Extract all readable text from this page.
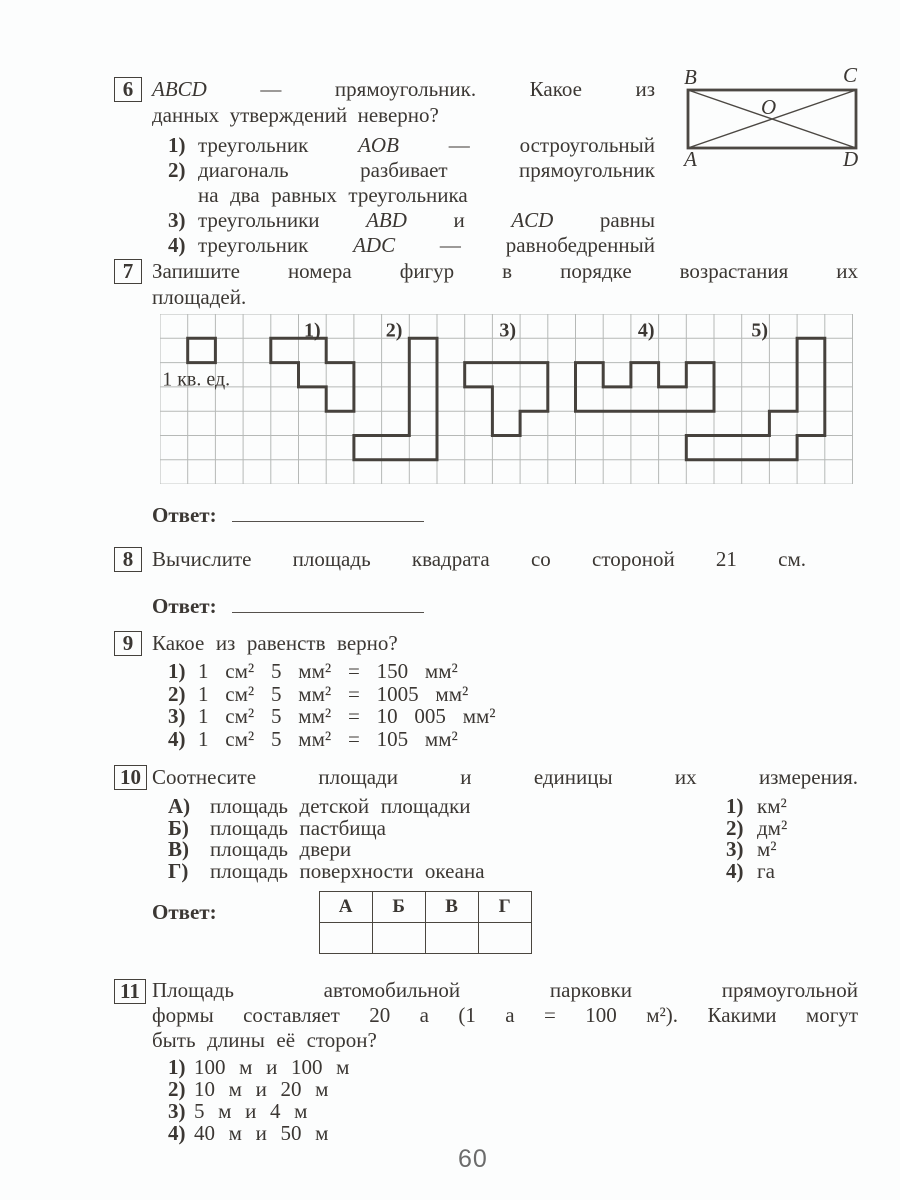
6 ABCD — прямоугольник. Какое из
данных утверждений неверно?
1) треугольник AOB — остроугольный
2) диагональ разбивает прямоугольник
на два равных треугольника
3) треугольники ABD и ACD равны
4) треугольник ADC — равнобедренный
B	C
O
A	D
7 Запишите номера фигур в порядке возрастания их
площадей.
1)	2)	3)	4)	5)
1 кв. ед.
Ответ:
8 Вычислите площадь квадрата со стороной 21 см.
Ответ:
9 Какое из равенств верно?
1) 1 см² 5 мм² = 150 мм²
2) 1 см² 5 мм² = 1005 мм²
3) 1 см² 5 мм² = 10 005 мм²
4) 1 см² 5 мм² = 105 мм²
10 Соотнесите площади и единицы их измерения.
А) площадь детской площадки	1) км²
Б) площадь пастбища	2) дм²
В) площадь двери	3) м²
Г) площадь поверхности океана	4) га
Ответ:	А	Б	В	Г

11 Площадь автомобильной парковки прямоугольной
формы составляет 20 а (1 а = 100 м²). Какими могут
быть длины её сторон?
1) 100 м и 100 м
2) 10 м и 20 м
3) 5 м и 4 м
4) 40 м и 50 м
60
